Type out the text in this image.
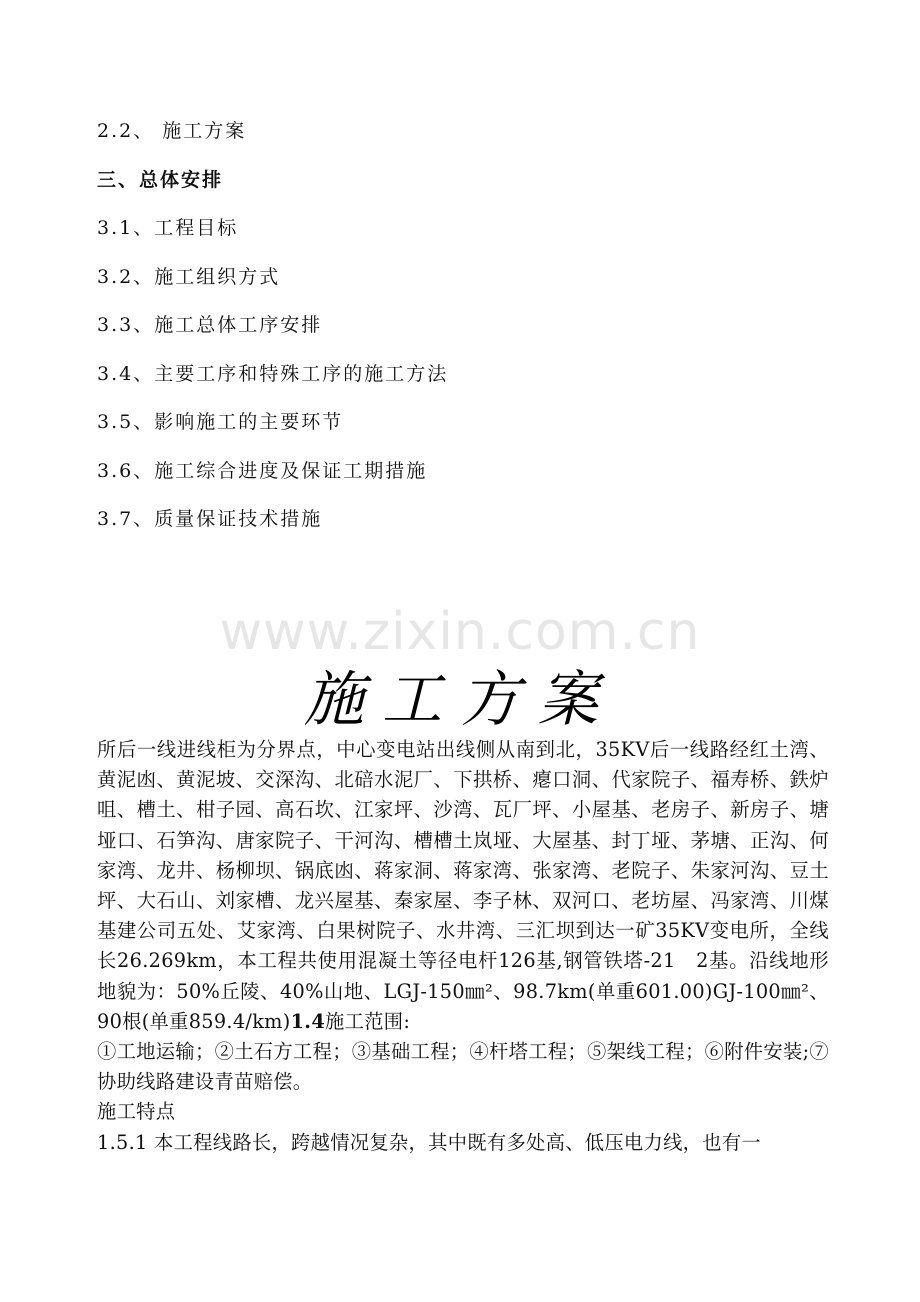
2.2、 施工方案
三、总体安排
3.1、工程目标
3.2、施工组织方式
3.3、施工总体工序安排
3.4、主要工序和特殊工序的施工方法
3.5、影响施工的主要环节
3.6、施工综合进度及保证工期措施
3.7、质量保证技术措施
www.zixin.com.cn
施工方案

所后一线进线柜为分界点，中心变电站出线侧从南到北，35KV后一线路经红土湾、黄泥凼、黄泥坡、交深沟、北碚水泥厂、下拱桥、瘪口洞、代家院子、福寿桥、鉄炉咀、槽土、柑子园、高石坎、江家坪、沙湾、瓦厂坪、小屋基、老房子、新房子、塘垭口、石笋沟、唐家院子、干河沟、槽槽土岚垭、大屋基、封丁垭、茅塘、正沟、何家湾、龙井、杨柳坝、锅底凼、蒋家洞、蒋家湾、张家湾、老院子、朱家河沟、豆土坪、大石山、刘家槽、龙兴屋基、秦家屋、李子林、双河口、老坊屋、冯家湾、川煤基建公司五处、艾家湾、白果树院子、水井湾、三汇坝到达一矿35KV变电所，全线长26.269km，本工程共使用混凝土等径电杆126基,钢管铁塔-21　2基。沿线地形地貌为：50%丘陵、40%山地、LGJ-150㎜²、98.7km(单重601.00)GJ-100㎜²、90根(单重859.4/km)1.4施工范围:

①工地运输；②土石方工程；③基础工程；④杆塔工程；⑤架线工程；⑥附件安装;⑦协助线路建设青苗赔偿。

施工特点

1.5.1 本工程线路长，跨越情况复杂，其中既有多处高、低压电力线，也有一
